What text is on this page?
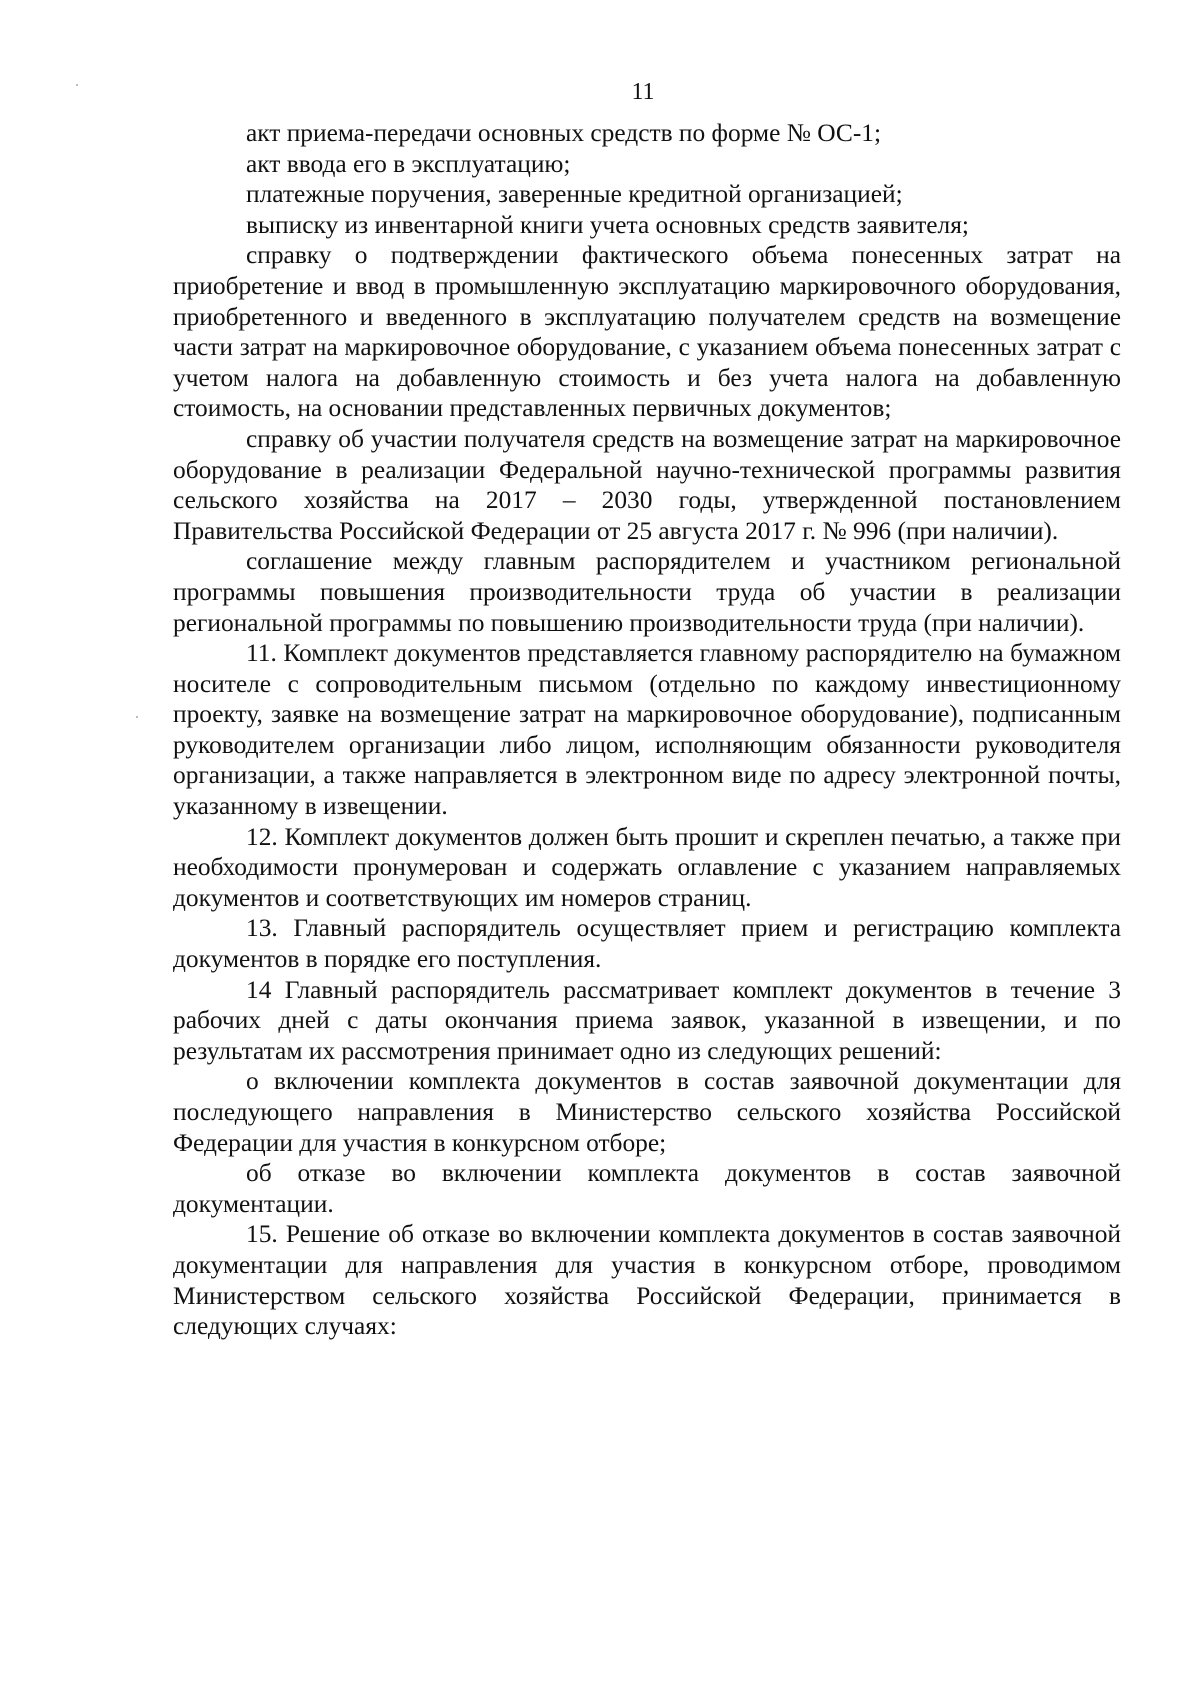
11

акт приема-передачи основных средств по форме № ОС-1;

акт ввода его в эксплуатацию;

платежные поручения, заверенные кредитной организацией;

выписку из инвентарной книги учета основных средств заявителя;

справку о подтверждении фактического объема понесенных затрат на приобретение и ввод в промышленную эксплуатацию маркировочного оборудования, приобретенного и введенного в эксплуатацию получателем средств на возмещение части затрат на маркировочное оборудование, с указанием объема понесенных затрат с учетом налога на добавленную стоимость и без учета налога на добавленную стоимость, на основании представленных первичных документов;

справку об участии получателя средств на возмещение затрат на маркировочное оборудование в реализации Федеральной научно-технической программы развития сельского хозяйства на 2017 – 2030 годы, утвержденной постановлением Правительства Российской Федерации от 25 августа 2017 г. № 996 (при наличии).

соглашение между главным распорядителем и участником региональной программы повышения производительности труда об участии в реализации региональной программы по повышению производительности труда (при наличии).

11. Комплект документов представляется главному распорядителю на бумажном носителе с сопроводительным письмом (отдельно по каждому инвестиционному проекту, заявке на возмещение затрат на маркировочное оборудование), подписанным руководителем организации либо лицом, исполняющим обязанности руководителя организации, а также направляется в электронном виде по адресу электронной почты, указанному в извещении.

12. Комплект документов должен быть прошит и скреплен печатью, а также при необходимости пронумерован и содержать оглавление с указанием направляемых документов и соответствующих им номеров страниц.

13. Главный распорядитель осуществляет прием и регистрацию комплекта документов в порядке его поступления.

14 Главный распорядитель рассматривает комплект документов в течение 3 рабочих дней с даты окончания приема заявок, указанной в извещении, и по результатам их рассмотрения принимает одно из следующих решений:

о включении комплекта документов в состав заявочной документации для последующего направления в Министерство сельского хозяйства Российской Федерации для участия в конкурсном отборе;

об отказе во включении комплекта документов в состав заявочной документации.

15. Решение об отказе во включении комплекта документов в состав заявочной документации для направления для участия в конкурсном отборе, проводимом Министерством сельского хозяйства Российской Федерации, принимается в следующих случаях:
